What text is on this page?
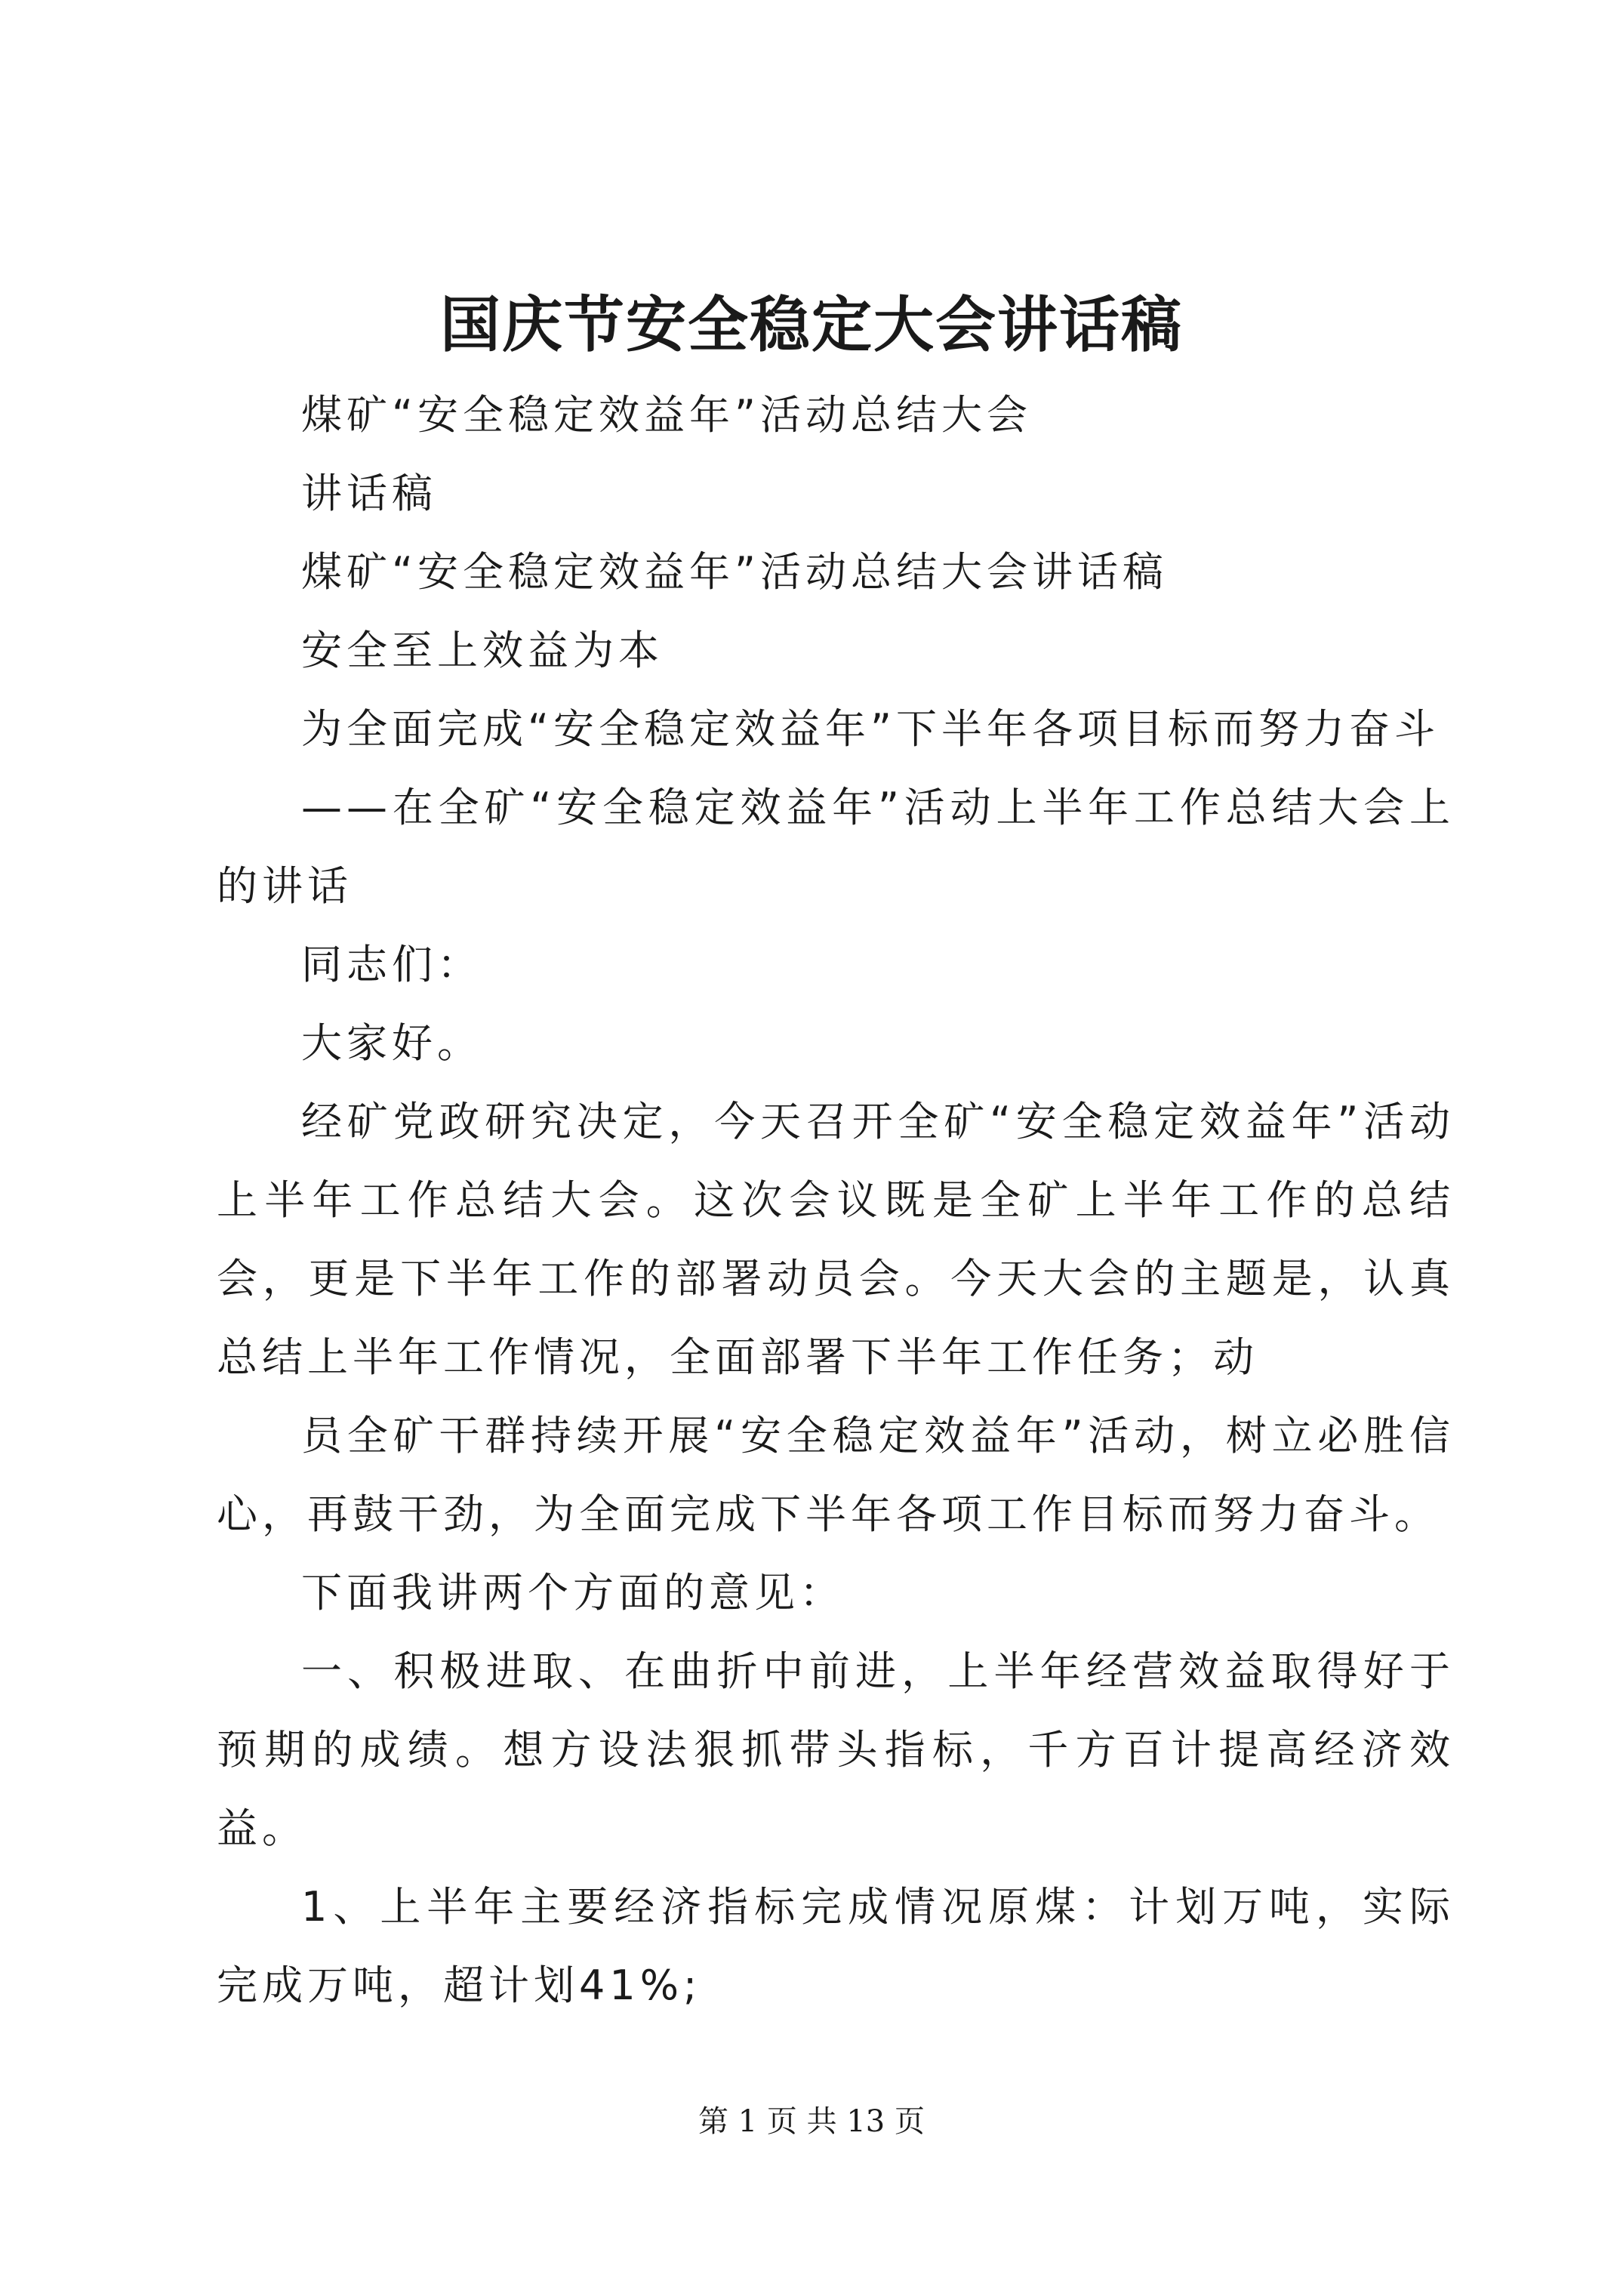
国庆节安全稳定大会讲话稿

煤矿“安全稳定效益年”活动总结大会

讲话稿

煤矿“安全稳定效益年”活动总结大会讲话稿

安全至上效益为本

为全面完成“安全稳定效益年”下半年各项目标而努力奋斗

——在全矿“安全稳定效益年”活动上半年工作总结大会上的讲话

同志们：

大家好。

经矿党政研究决定，今天召开全矿“安全稳定效益年”活动上半年工作总结大会。这次会议既是全矿上半年工作的总结会，更是下半年工作的部署动员会。今天大会的主题是，认真总结上半年工作情况，全面部署下半年工作任务；动

员全矿干群持续开展“安全稳定效益年”活动，树立必胜信心，再鼓干劲，为全面完成下半年各项工作目标而努力奋斗。

下面我讲两个方面的意见：

一、积极进取、在曲折中前进，上半年经营效益取得好于预期的成绩。想方设法狠抓带头指标，千方百计提高经济效益。

1、上半年主要经济指标完成情况原煤：计划万吨，实际完成万吨，超计划41%;

第 1 页 共 13 页
